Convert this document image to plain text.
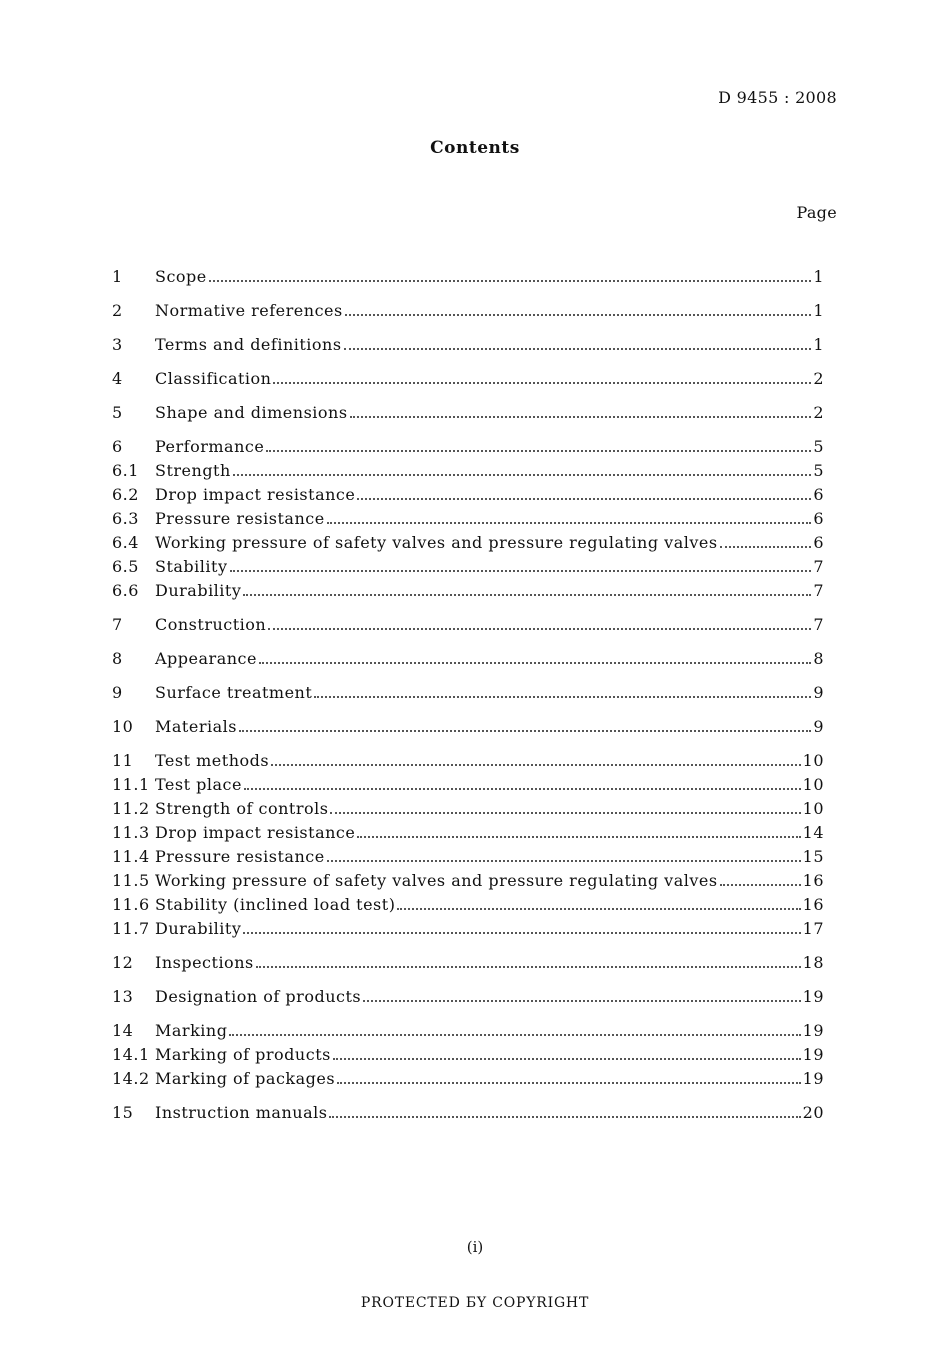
D 9455 : 2008
Contents
Page
1	Scope	1
2	Normative references	1
3	Terms and definitions	1
4	Classification	2
5	Shape and dimensions	2
6	Performance	5
6.1	Strength	5
6.2	Drop impact resistance	6
6.3	Pressure resistance	6
6.4	Working pressure of safety valves and pressure regulating valves	6
6.5	Stability	7
6.6	Durability	7
7	Construction	7
8	Appearance	8
9	Surface treatment	9
10	Materials	9
11	Test methods	10
11.1 Test place	10
11.2 Strength of controls	10
11.3 Drop impact resistance	14
11.4 Pressure resistance	15
11.5 Working pressure of safety valves and pressure regulating valves	16
11.6 Stability (inclined load test)	16
11.7 Durability	17
12	Inspections	18
13	Designation of products	19
14	Marking	19
14.1 Marking of products	19
14.2 Marking of packages	19
15	Instruction manuals	20
(i)
PROTECTED БY COPYRIGHT
